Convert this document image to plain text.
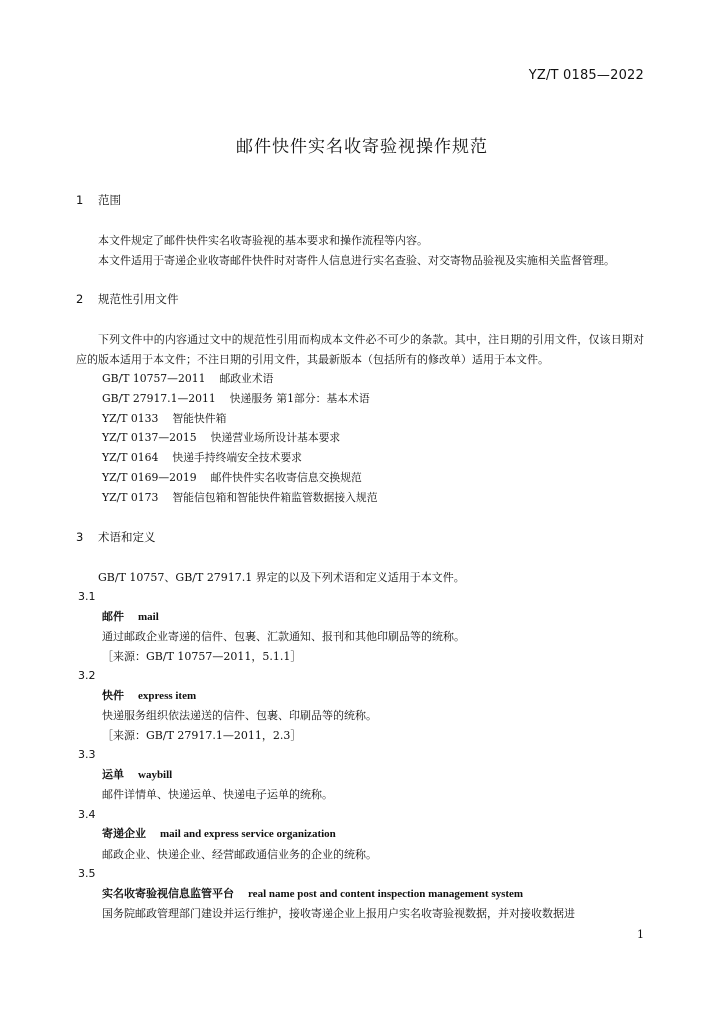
YZ/T 0185—2022
邮件快件实名收寄验视操作规范
1 范围

本文件规定了邮件快件实名收寄验视的基本要求和操作流程等内容。

本文件适用于寄递企业收寄邮件快件时对寄件人信息进行实名查验、对交寄物品验视及实施相关监督管理。

2 规范性引用文件

下列文件中的内容通过文中的规范性引用而构成本文件必不可少的条款。其中，注日期的引用文件，仅该日期对应的版本适用于本文件；不注日期的引用文件，其最新版本（包括所有的修改单）适用于本文件。

GB/T 10757—2011 邮政业术语
GB/T 27917.1—2011 快递服务 第1部分：基本术语
YZ/T 0133 智能快件箱
YZ/T 0137—2015 快递营业场所设计基本要求
YZ/T 0164 快递手持终端安全技术要求
YZ/T 0169—2019 邮件快件实名收寄信息交换规范
YZ/T 0173 智能信包箱和智能快件箱监管数据接入规范
3 术语和定义

GB/T 10757、GB/T 27917.1 界定的以及下列术语和定义适用于本文件。

3.1
邮件 mail
通过邮政企业寄递的信件、包裹、汇款通知、报刊和其他印刷品等的统称。
［来源：GB/T 10757—2011，5.1.1］
3.2
快件 express item
快递服务组织依法递送的信件、包裹、印刷品等的统称。
［来源：GB/T 27917.1—2011，2.3］
3.3
运单 waybill
邮件详情单、快递运单、快递电子运单的统称。
3.4
寄递企业 mail and express service organization
邮政企业、快递企业、经营邮政通信业务的企业的统称。
3.5
实名收寄验视信息监管平台 real name post and content inspection management system
国务院邮政管理部门建设并运行维护，接收寄递企业上报用户实名收寄验视数据，并对接收数据进
1
